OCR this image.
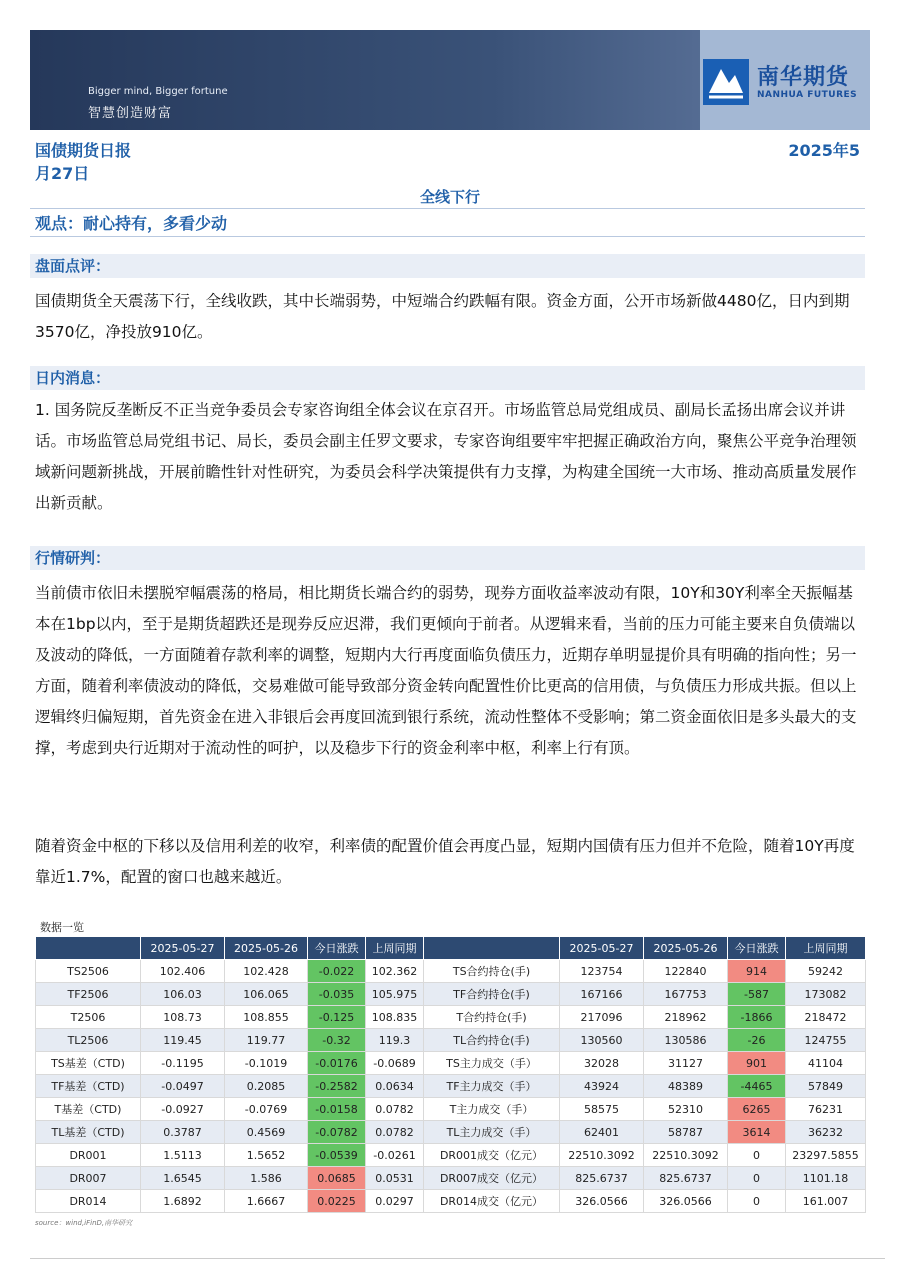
Bigger mind, Bigger fortune
智慧创造财富
南华期货
NANHUA FUTURES
国债期货日报	2025年5
月27日
全线下行
观点：耐心持有，多看少动
盘面点评：

国债期货全天震荡下行，全线收跌，其中长端弱势，中短端合约跌幅有限。资金方面，公开市场新做4480亿，日内到期3570亿，净投放910亿。

日内消息：

1. 国务院反垄断反不正当竞争委员会专家咨询组全体会议在京召开。市场监管总局党组成员、副局长孟扬出席会议并讲话。市场监管总局党组书记、局长，委员会副主任罗文要求，专家咨询组要牢牢把握正确政治方向，聚焦公平竞争治理领域新问题新挑战，开展前瞻性针对性研究，为委员会科学决策提供有力支撑，为构建全国统一大市场、推动高质量发展作出新贡献。

行情研判：

当前债市依旧未摆脱窄幅震荡的格局，相比期货长端合约的弱势，现券方面收益率波动有限，10Y和30Y利率全天振幅基本在1bp以内，至于是期货超跌还是现券反应迟滞，我们更倾向于前者。从逻辑来看，当前的压力可能主要来自负债端以及波动的降低，一方面随着存款利率的调整，短期内大行再度面临负债压力，近期存单明显提价具有明确的指向性；另一方面，随着利率债波动的降低，交易难做可能导致部分资金转向配置性价比更高的信用债，与负债压力形成共振。但以上逻辑终归偏短期，首先资金在进入非银后会再度回流到银行系统，流动性整体不受影响；第二资金面依旧是多头最大的支撑，考虑到央行近期对于流动性的呵护，以及稳步下行的资金利率中枢，利率上行有顶。

随着资金中枢的下移以及信用利差的收窄，利率债的配置价值会再度凸显，短期内国债有压力但并不危险，随着10Y再度靠近1.7%，配置的窗口也越来越近。

数据一览
	2025-05-27	2025-05-26	今日涨跌	上周同期		2025-05-27	2025-05-26	今日涨跌	上周同期
TS2506	102.406	102.428	-0.022	102.362	TS合约持仓(手)	123754	122840	914	59242
TF2506	106.03	106.065	-0.035	105.975	TF合约持仓(手)	167166	167753	-587	173082
T2506	108.73	108.855	-0.125	108.835	T合约持仓(手)	217096	218962	-1866	218472
TL2506	119.45	119.77	-0.32	119.3	TL合约持仓(手)	130560	130586	-26	124755
TS基差（CTD)	-0.1195	-0.1019	-0.0176	-0.0689	TS主力成交（手）	32028	31127	901	41104
TF基差（CTD)	-0.0497	0.2085	-0.2582	0.0634	TF主力成交（手）	43924	48389	-4465	57849
T基差（CTD)	-0.0927	-0.0769	-0.0158	0.0782	T主力成交（手）	58575	52310	6265	76231
TL基差（CTD)	0.3787	0.4569	-0.0782	0.0782	TL主力成交（手）	62401	58787	3614	36232
DR001	1.5113	1.5652	-0.0539	-0.0261	DR001成交（亿元）	22510.3092	22510.3092	0	23297.5855
DR007	1.6545	1.586	0.0685	0.0531	DR007成交（亿元）	825.6737	825.6737	0	1101.18
DR014	1.6892	1.6667	0.0225	0.0297	DR014成交（亿元）	326.0566	326.0566	0	161.007
source：wind,iFinD,南华研究
